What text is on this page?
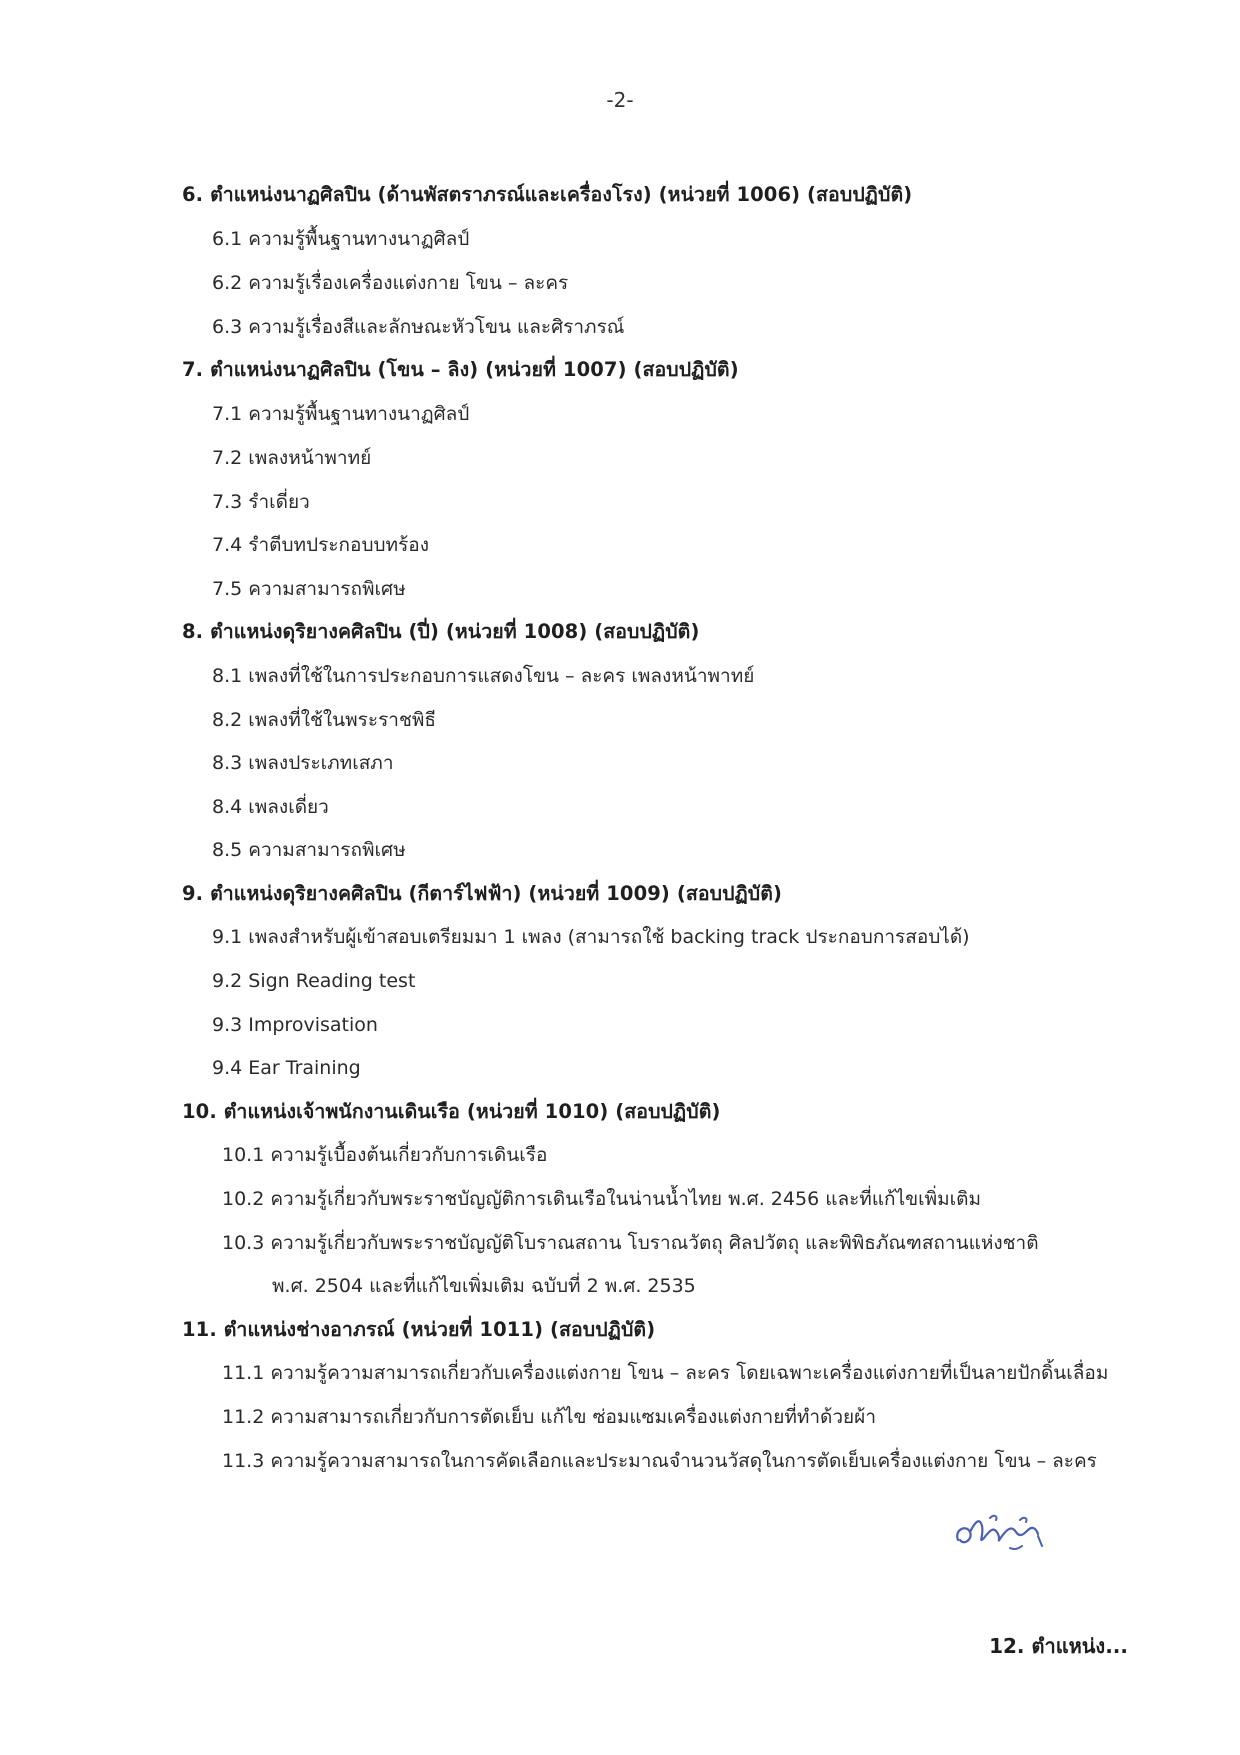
-2-
6. ตำแหน่งนาฏศิลปิน (ด้านพัสตราภรณ์และเครื่องโรง) (หน่วยที่ 1006) (สอบปฏิบัติ)
6.1 ความรู้พื้นฐานทางนาฏศิลป์
6.2 ความรู้เรื่องเครื่องแต่งกาย โขน – ละคร
6.3 ความรู้เรื่องสีและลักษณะหัวโขน และศิราภรณ์
7. ตำแหน่งนาฏศิลปิน (โขน – ลิง) (หน่วยที่ 1007) (สอบปฏิบัติ)
7.1 ความรู้พื้นฐานทางนาฏศิลป์
7.2 เพลงหน้าพาทย์
7.3 รำเดี่ยว
7.4 รำตีบทประกอบบทร้อง
7.5 ความสามารถพิเศษ
8. ตำแหน่งดุริยางคศิลปิน (ปี่) (หน่วยที่ 1008) (สอบปฏิบัติ)
8.1 เพลงที่ใช้ในการประกอบการแสดงโขน – ละคร เพลงหน้าพาทย์
8.2 เพลงที่ใช้ในพระราชพิธี
8.3 เพลงประเภทเสภา
8.4 เพลงเดี่ยว
8.5 ความสามารถพิเศษ
9. ตำแหน่งดุริยางคศิลปิน (กีตาร์ไฟฟ้า) (หน่วยที่ 1009) (สอบปฏิบัติ)
9.1 เพลงสำหรับผู้เข้าสอบเตรียมมา 1 เพลง (สามารถใช้ backing track ประกอบการสอบได้)
9.2 Sign Reading test
9.3 Improvisation
9.4 Ear Training
10. ตำแหน่งเจ้าพนักงานเดินเรือ (หน่วยที่ 1010) (สอบปฏิบัติ)
10.1 ความรู้เบื้องต้นเกี่ยวกับการเดินเรือ
10.2 ความรู้เกี่ยวกับพระราชบัญญัติการเดินเรือในน่านน้ำไทย พ.ศ. 2456 และที่แก้ไขเพิ่มเติม
10.3 ความรู้เกี่ยวกับพระราชบัญญัติโบราณสถาน โบราณวัตถุ ศิลปวัตถุ และพิพิธภัณฑสถานแห่งชาติ
พ.ศ. 2504 และที่แก้ไขเพิ่มเติม ฉบับที่ 2 พ.ศ. 2535
11. ตำแหน่งช่างอาภรณ์ (หน่วยที่ 1011) (สอบปฏิบัติ)
11.1 ความรู้ความสามารถเกี่ยวกับเครื่องแต่งกาย โขน – ละคร โดยเฉพาะเครื่องแต่งกายที่เป็นลายปักดิ้นเลื่อม
11.2 ความสามารถเกี่ยวกับการตัดเย็บ แก้ไข ซ่อมแซมเครื่องแต่งกายที่ทำด้วยผ้า
11.3 ความรู้ความสามารถในการคัดเลือกและประมาณจำนวนวัสดุในการตัดเย็บเครื่องแต่งกาย โขน – ละคร
12. ตำแหน่ง...
